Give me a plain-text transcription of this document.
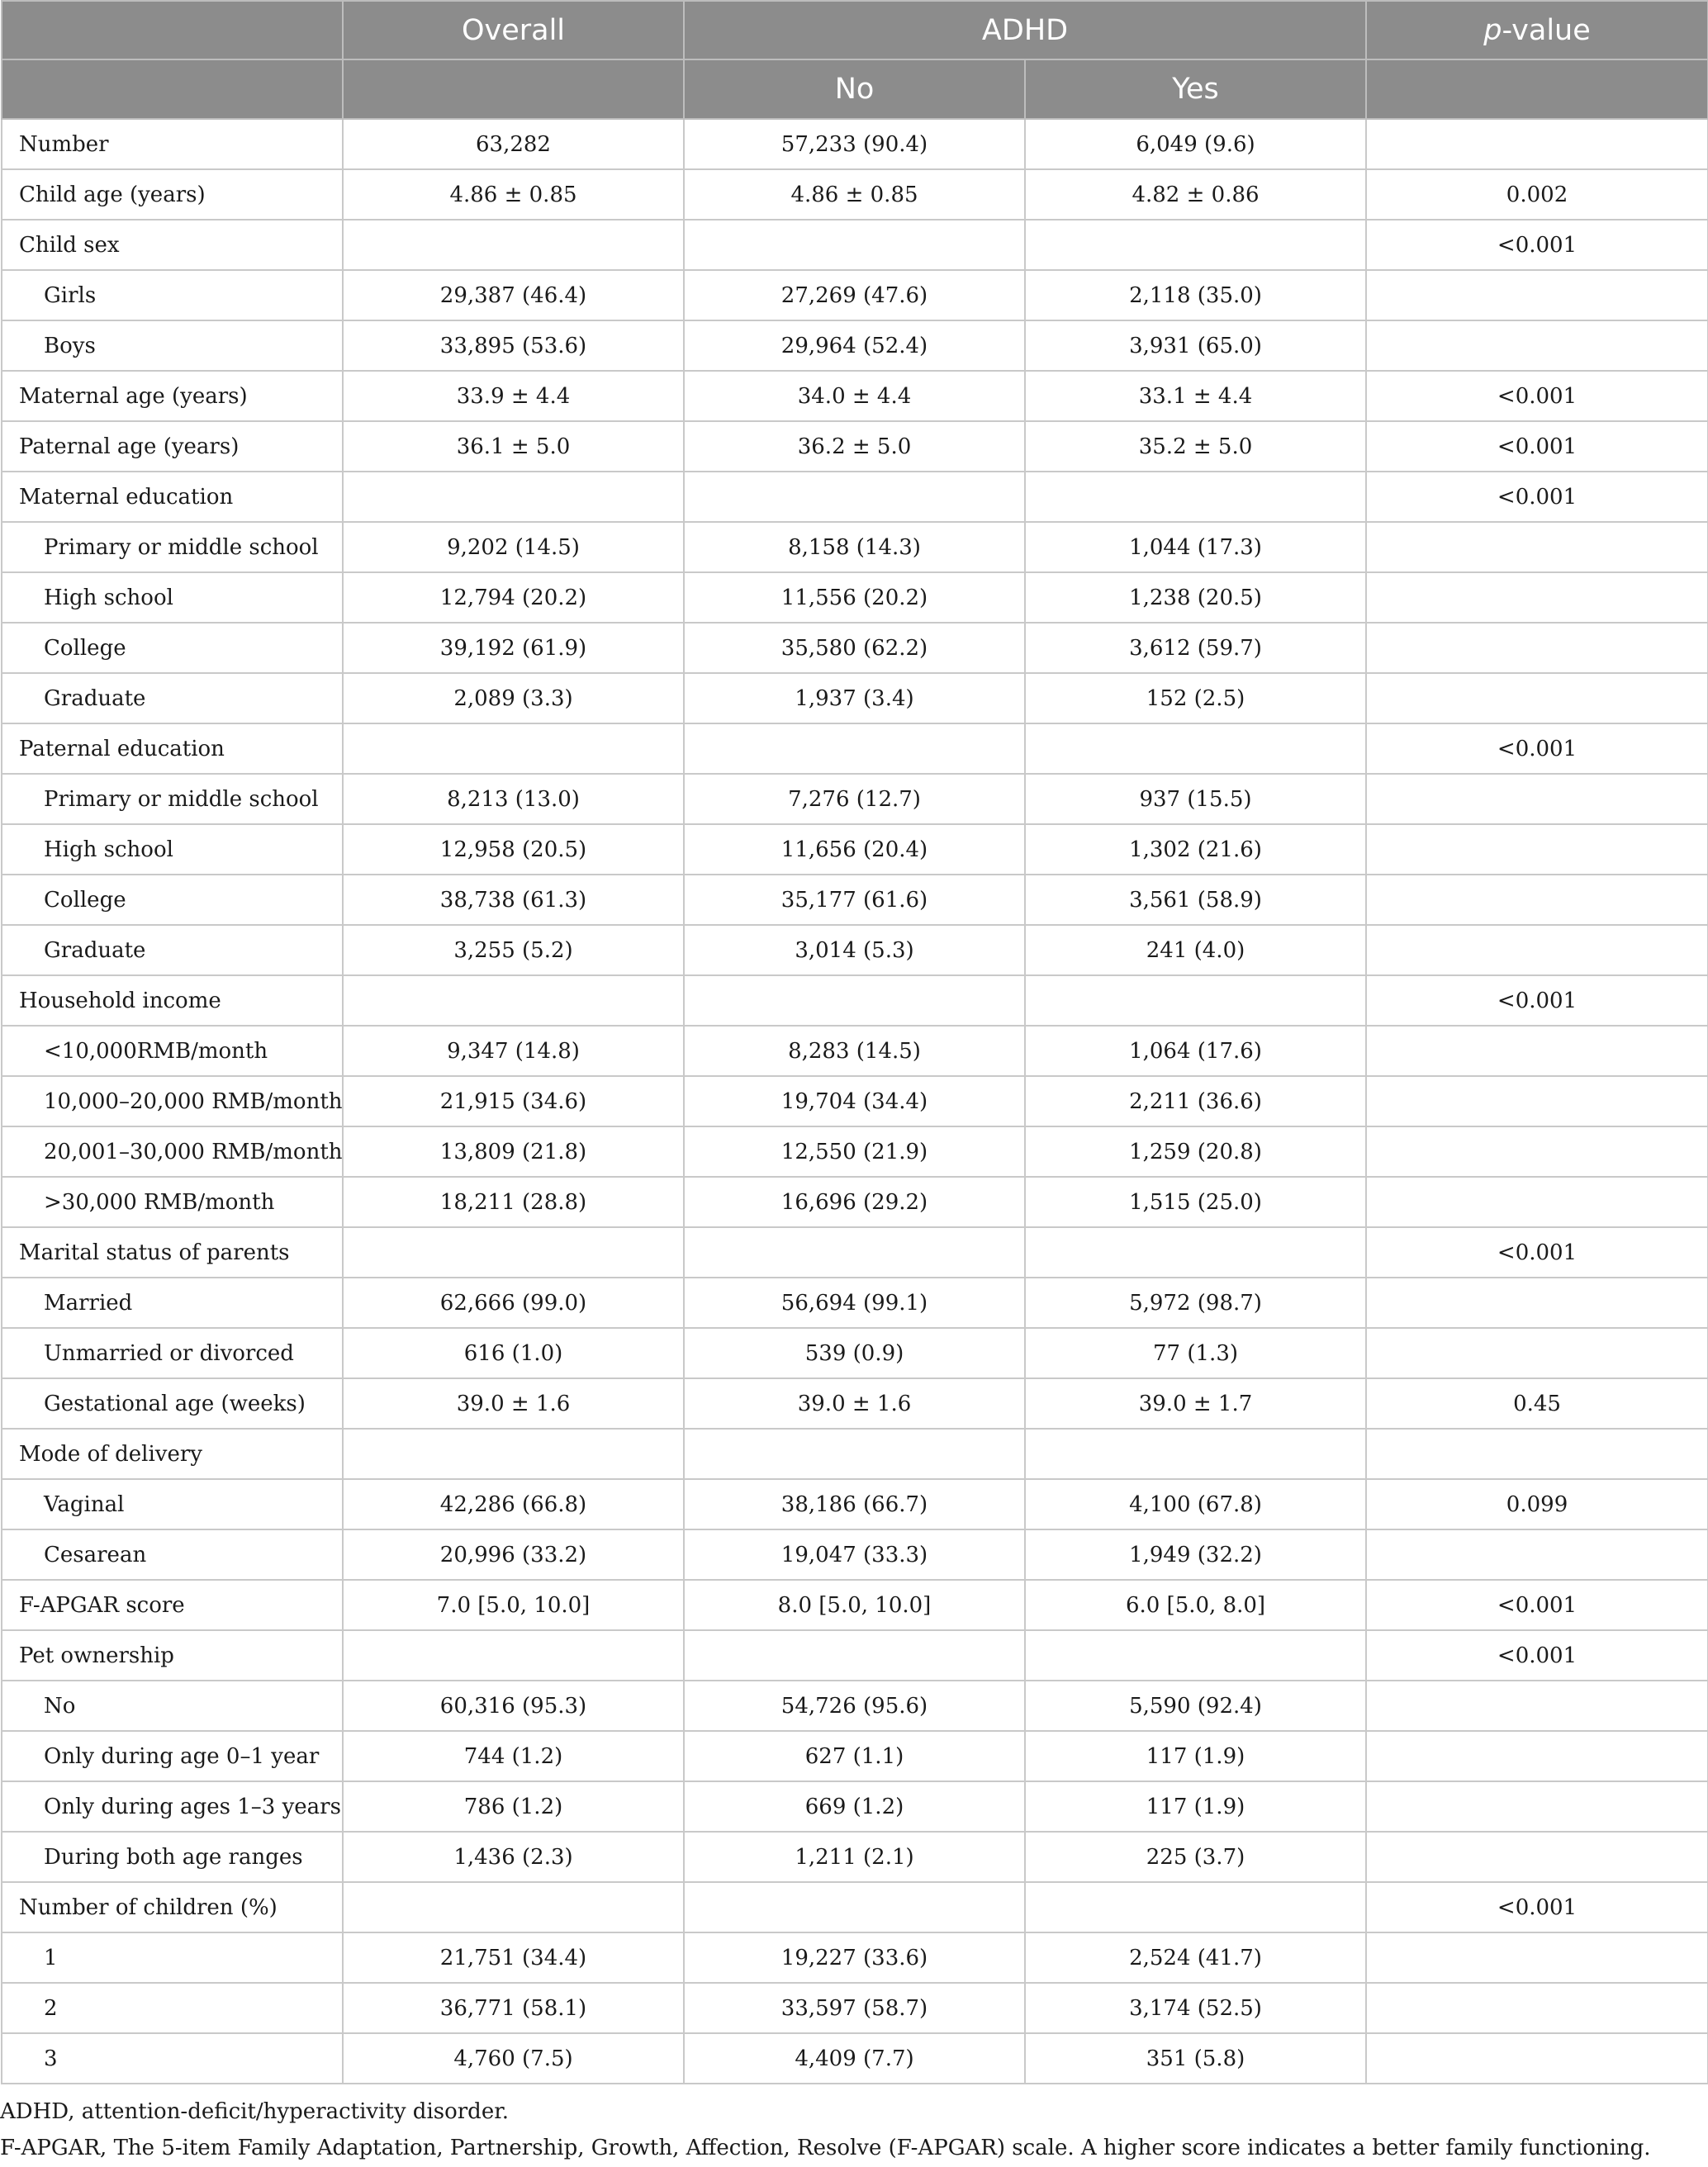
	Overall	ADHD		p-value
		No	Yes	
Number	63,282	57,233 (90.4)	6,049 (9.6)	
Child age (years)	4.86 ± 0.85	4.86 ± 0.85	4.82 ± 0.86	0.002
Child sex				<0.001
Girls	29,387 (46.4)	27,269 (47.6)	2,118 (35.0)	
Boys	33,895 (53.6)	29,964 (52.4)	3,931 (65.0)	
Maternal age (years)	33.9 ± 4.4	34.0 ± 4.4	33.1 ± 4.4	<0.001
Paternal age (years)	36.1 ± 5.0	36.2 ± 5.0	35.2 ± 5.0	<0.001
Maternal education				<0.001
Primary or middle school	9,202 (14.5)	8,158 (14.3)	1,044 (17.3)	
High school	12,794 (20.2)	11,556 (20.2)	1,238 (20.5)	
College	39,192 (61.9)	35,580 (62.2)	3,612 (59.7)	
Graduate	2,089 (3.3)	1,937 (3.4)	152 (2.5)	
Paternal education				<0.001
Primary or middle school	8,213 (13.0)	7,276 (12.7)	937 (15.5)	
High school	12,958 (20.5)	11,656 (20.4)	1,302 (21.6)	
College	38,738 (61.3)	35,177 (61.6)	3,561 (58.9)	
Graduate	3,255 (5.2)	3,014 (5.3)	241 (4.0)	
Household income				<0.001
<10,000RMB/month	9,347 (14.8)	8,283 (14.5)	1,064 (17.6)	
10,000–20,000 RMB/month	21,915 (34.6)	19,704 (34.4)	2,211 (36.6)	
20,001–30,000 RMB/month	13,809 (21.8)	12,550 (21.9)	1,259 (20.8)	
>30,000 RMB/month	18,211 (28.8)	16,696 (29.2)	1,515 (25.0)	
Marital status of parents				<0.001
Married	62,666 (99.0)	56,694 (99.1)	5,972 (98.7)	
Unmarried or divorced	616 (1.0)	539 (0.9)	77 (1.3)	
Gestational age (weeks)	39.0 ± 1.6	39.0 ± 1.6	39.0 ± 1.7	0.45
Mode of delivery				
Vaginal	42,286 (66.8)	38,186 (66.7)	4,100 (67.8)	0.099
Cesarean	20,996 (33.2)	19,047 (33.3)	1,949 (32.2)	
F-APGAR score	7.0 [5.0, 10.0]	8.0 [5.0, 10.0]	6.0 [5.0, 8.0]	<0.001
Pet ownership				<0.001
No	60,316 (95.3)	54,726 (95.6)	5,590 (92.4)	
Only during age 0–1 year	744 (1.2)	627 (1.1)	117 (1.9)	
Only during ages 1–3 years	786 (1.2)	669 (1.2)	117 (1.9)	
During both age ranges	1,436 (2.3)	1,211 (2.1)	225 (3.7)	
Number of children (%)				<0.001
1	21,751 (34.4)	19,227 (33.6)	2,524 (41.7)	
2	36,771 (58.1)	33,597 (58.7)	3,174 (52.5)	
3	4,760 (7.5)	4,409 (7.7)	351 (5.8)	

ADHD, attention-deficit/hyperactivity disorder.

F-APGAR, The 5-item Family Adaptation, Partnership, Growth, Affection, Resolve (F-APGAR) scale. A higher score indicates a better family functioning.
